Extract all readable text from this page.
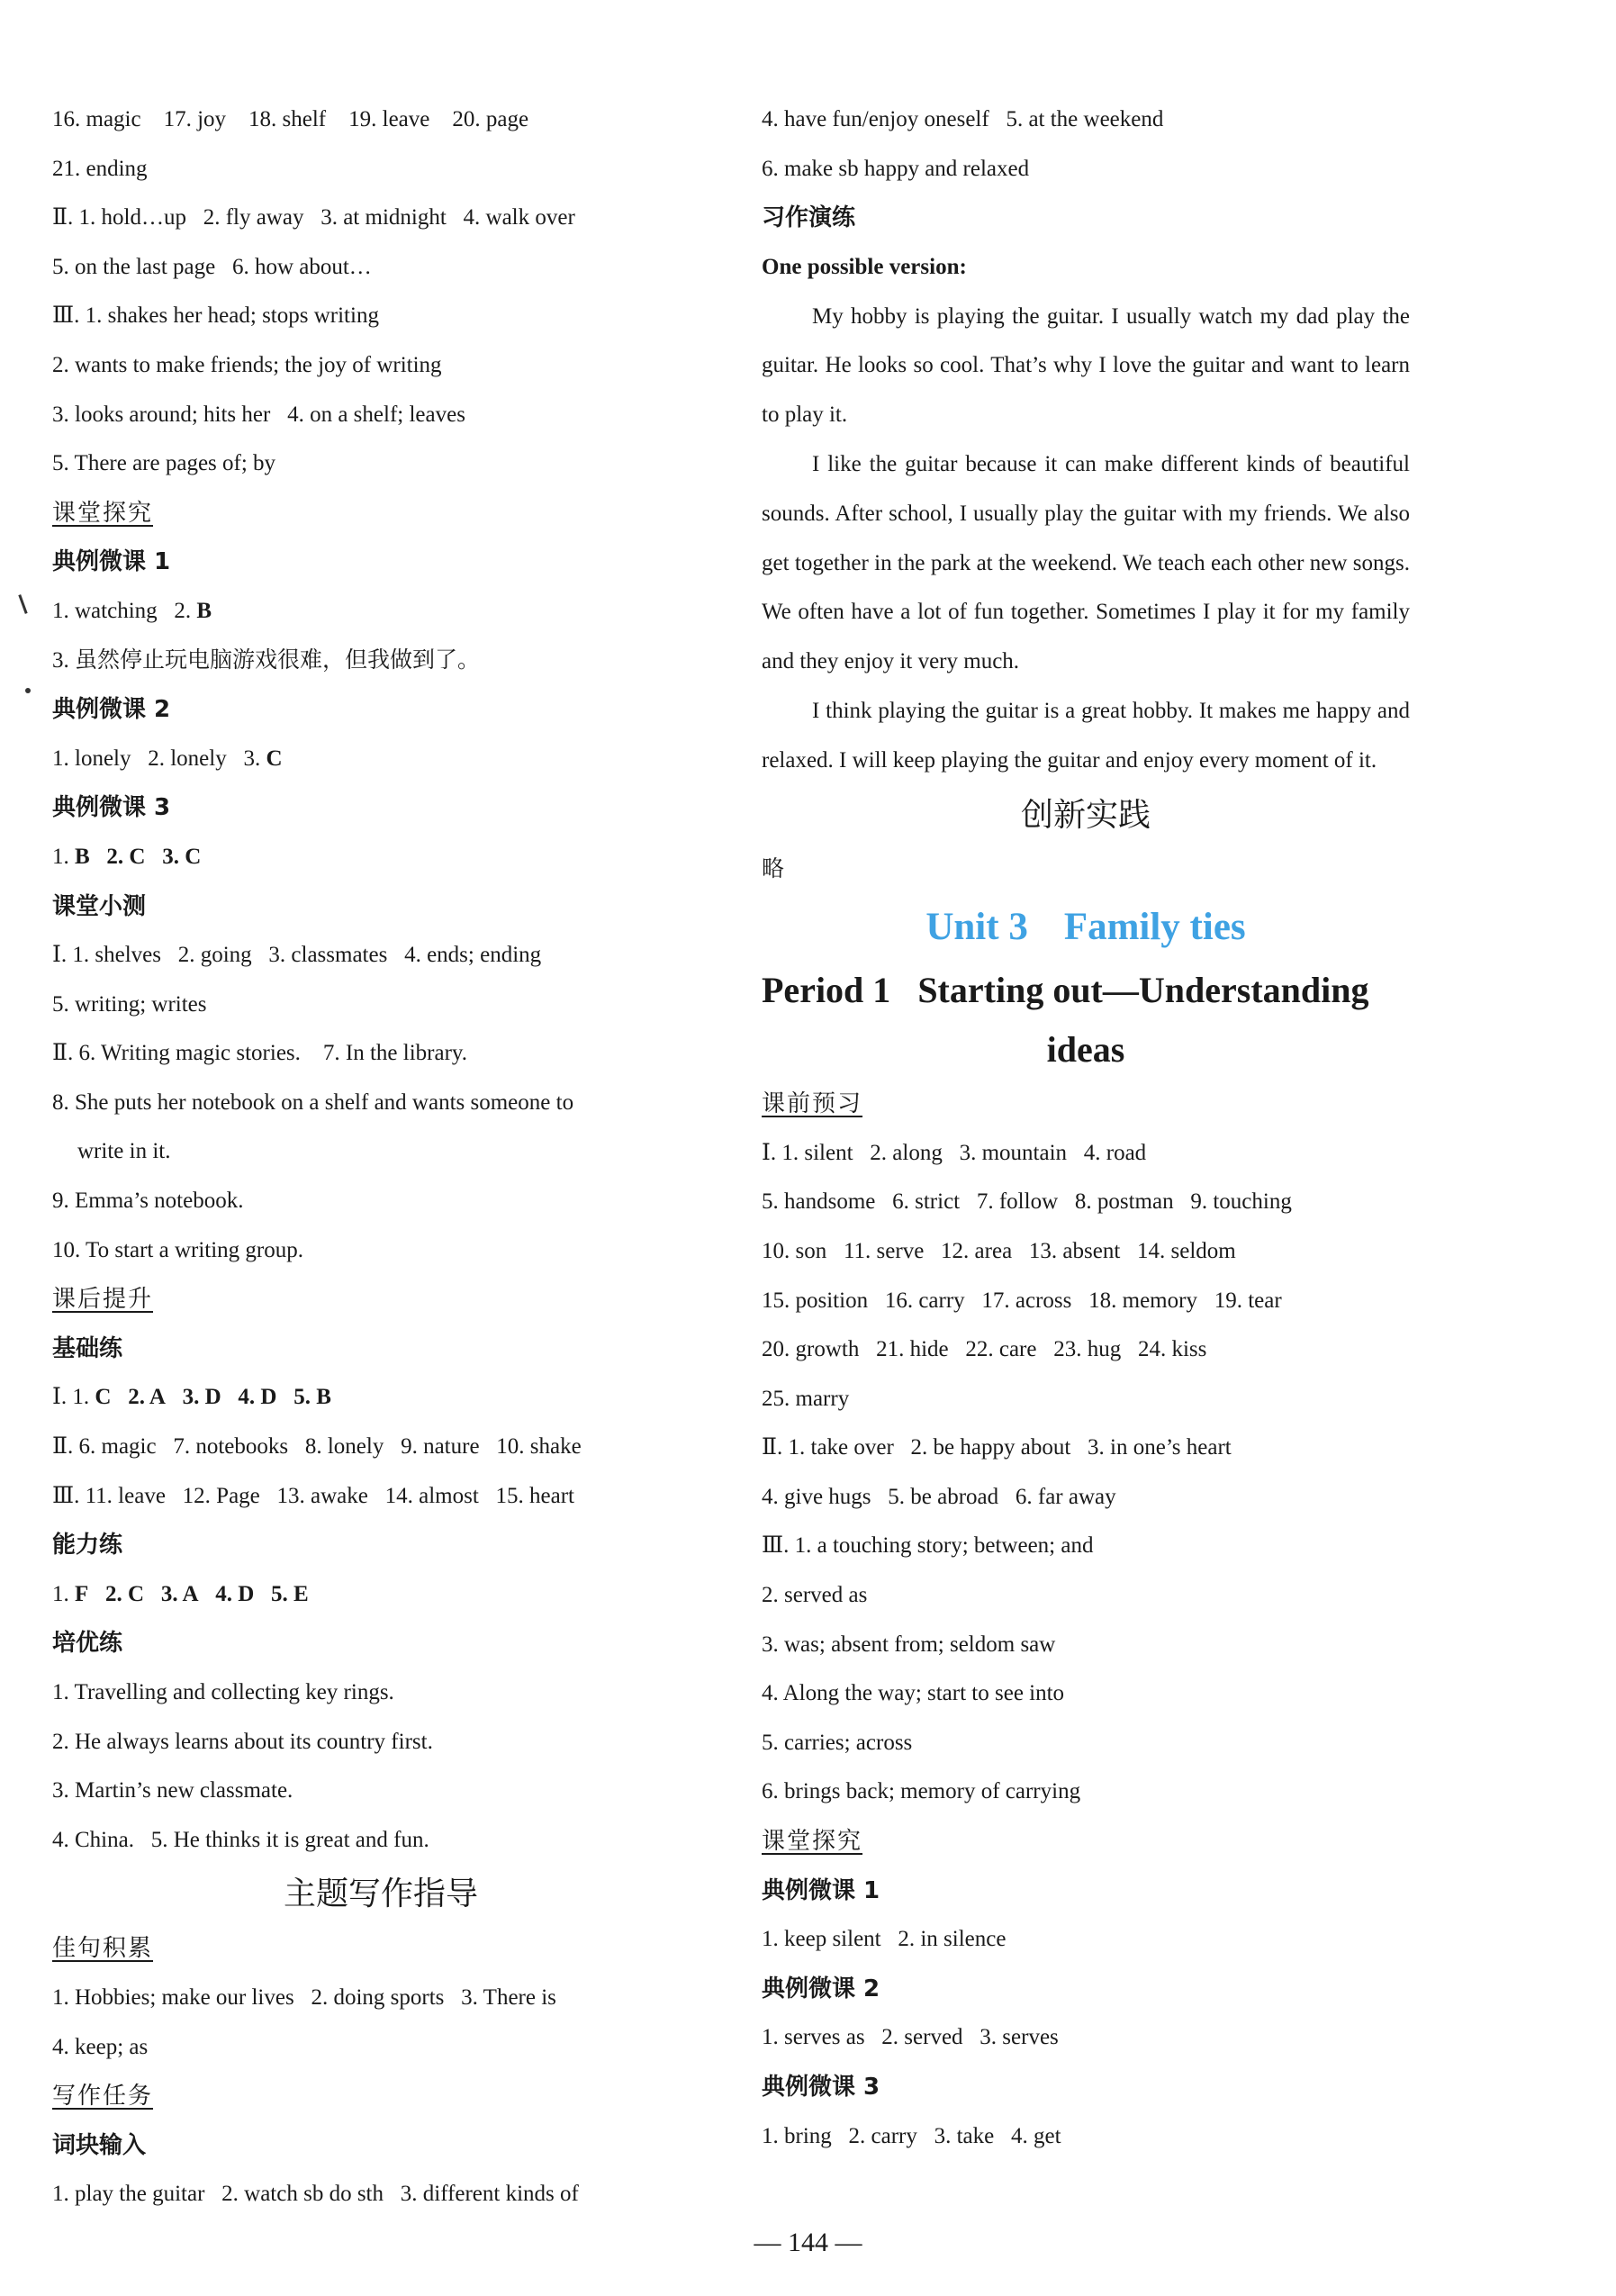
16. magic    17. joy    18. shelf    19. leave    20. page
21. ending
Ⅱ. 1. hold…up   2. fly away   3. at midnight   4. walk over
5. on the last page   6. how about…
Ⅲ. 1. shakes her head; stops writing
2. wants to make friends; the joy of writing
3. looks around; hits her   4. on a shelf; leaves
5. There are pages of; by
课堂探究
典例微课 1
1. watching   2. B
3. 虽然停止玩电脑游戏很难，但我做到了。
典例微课 2
1. lonely   2. lonely   3. C
典例微课 3
1. B   2. C   3. C
课堂小测
Ⅰ. 1. shelves   2. going   3. classmates   4. ends; ending
5. writing; writes
Ⅱ. 6. Writing magic stories.    7. In the library.
8. She puts her notebook on a shelf and wants someone to
write in it.
9. Emma’s notebook.
10. To start a writing group.
课后提升
基础练
Ⅰ. 1. C   2. A   3. D   4. D   5. B
Ⅱ. 6. magic   7. notebooks   8. lonely   9. nature   10. shake
Ⅲ. 11. leave   12. Page   13. awake   14. almost   15. heart
能力练
1. F   2. C   3. A   4. D   5. E
培优练
1. Travelling and collecting key rings.
2. He always learns about its country first.
3. Martin’s new classmate.
4. China.   5. He thinks it is great and fun.
主题写作指导
佳句积累
1. Hobbies; make our lives   2. doing sports   3. There is
4. keep; as
写作任务
词块输入
1. play the guitar   2. watch sb do sth   3. different kinds of
4. have fun/enjoy oneself   5. at the weekend
6. make sb happy and relaxed
习作演练
One possible version:
My hobby is playing the guitar. I usually watch my dad play the guitar. He looks so cool. That’s why I love the guitar and want to learn to play it.
I like the guitar because it can make different kinds of beautiful sounds. After school, I usually play the guitar with my friends. We also get together in the park at the weekend. We teach each other new songs. We often have a lot of fun together. Sometimes I play it for my family and they enjoy it very much.
I think playing the guitar is a great hobby. It makes me happy and relaxed. I will keep playing the guitar and enjoy every moment of it.
创新实践
略
Unit 3 Family ties
Period 1 Starting out—Understanding
ideas
课前预习
Ⅰ. 1. silent   2. along   3. mountain   4. road
5. handsome   6. strict   7. follow   8. postman   9. touching
10. son   11. serve   12. area   13. absent   14. seldom
15. position   16. carry   17. across   18. memory   19. tear
20. growth   21. hide   22. care   23. hug   24. kiss
25. marry
Ⅱ. 1. take over   2. be happy about   3. in one’s heart
4. give hugs   5. be abroad   6. far away
Ⅲ. 1. a touching story; between; and
2. served as
3. was; absent from; seldom saw
4. Along the way; start to see into
5. carries; across
6. brings back; memory of carrying
课堂探究
典例微课 1
1. keep silent   2. in silence
典例微课 2
1. serves as   2. served   3. serves
典例微课 3
1. bring   2. carry   3. take   4. get
— 144 —
